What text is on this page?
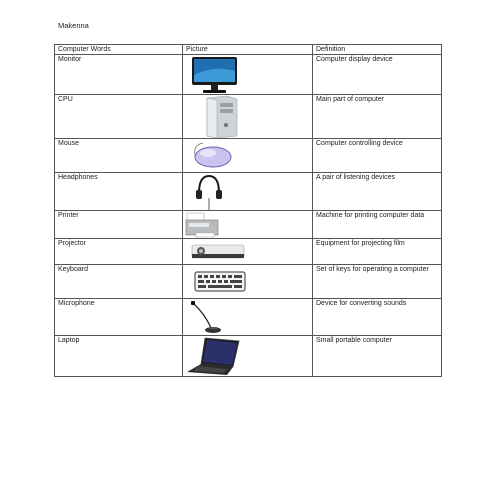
Makenna
Computer Words	Picture	Definition
Monitor		Computer display device
CPU		Main part of computer
Mouse		Computer controlling device
Headphones		A pair of listening devices
Printer		Machine for printing computer data
Projector		Equipment for projecting film
Keyboard		Set of keys for operating a computer
Microphone		Device for converting sounds
Laptop		Small portable computer
